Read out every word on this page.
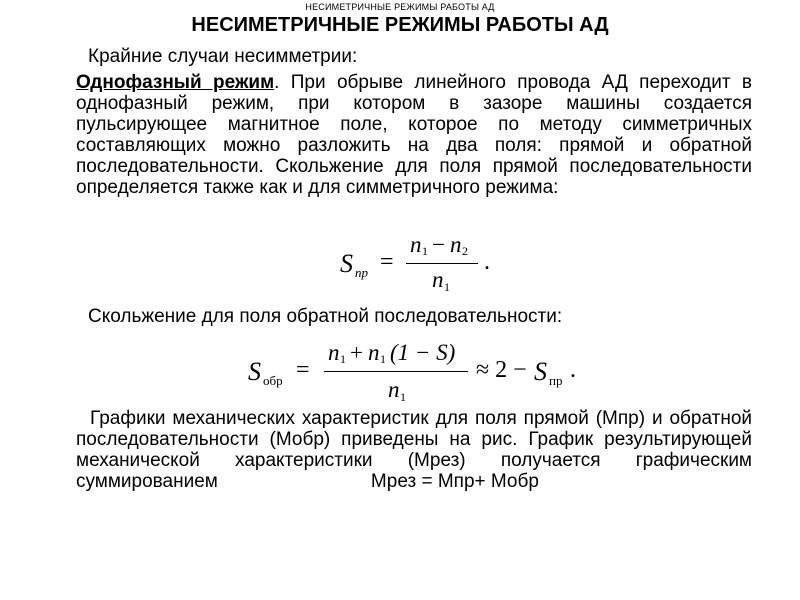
НЕСИМЕТРИЧНЫЕ РЕЖИМЫ РАБОТЫ АД
НЕСИМЕТРИЧНЫЕ РЕЖИМЫ РАБОТЫ АД
Крайние случаи несимметрии:
Однофазный режим. При обрыве линейного провода АД переходит в однофазный режим, при котором в зазоре машины создается пульсирующее магнитное поле, которое по методу симметричных составляющих можно разложить на два поля: прямой и обратной последовательности. Скольжение для поля прямой последовательности определяется также как и для симметричного режима:
S пр =
n 1 − n 2
n 1
.
Скольжение для поля обратной последовательности:
S обр =
n 1 + n 1 (1 − S)
n 1
≈ 2 − S пр .
Графики механических характеристик для поля прямой (Мпр) и обратной последовательности (Мобр) приведены на рис. График результирующей механической характеристики (Мрез) получается графическим суммированием                             Мрез = Мпр+ Мобр
